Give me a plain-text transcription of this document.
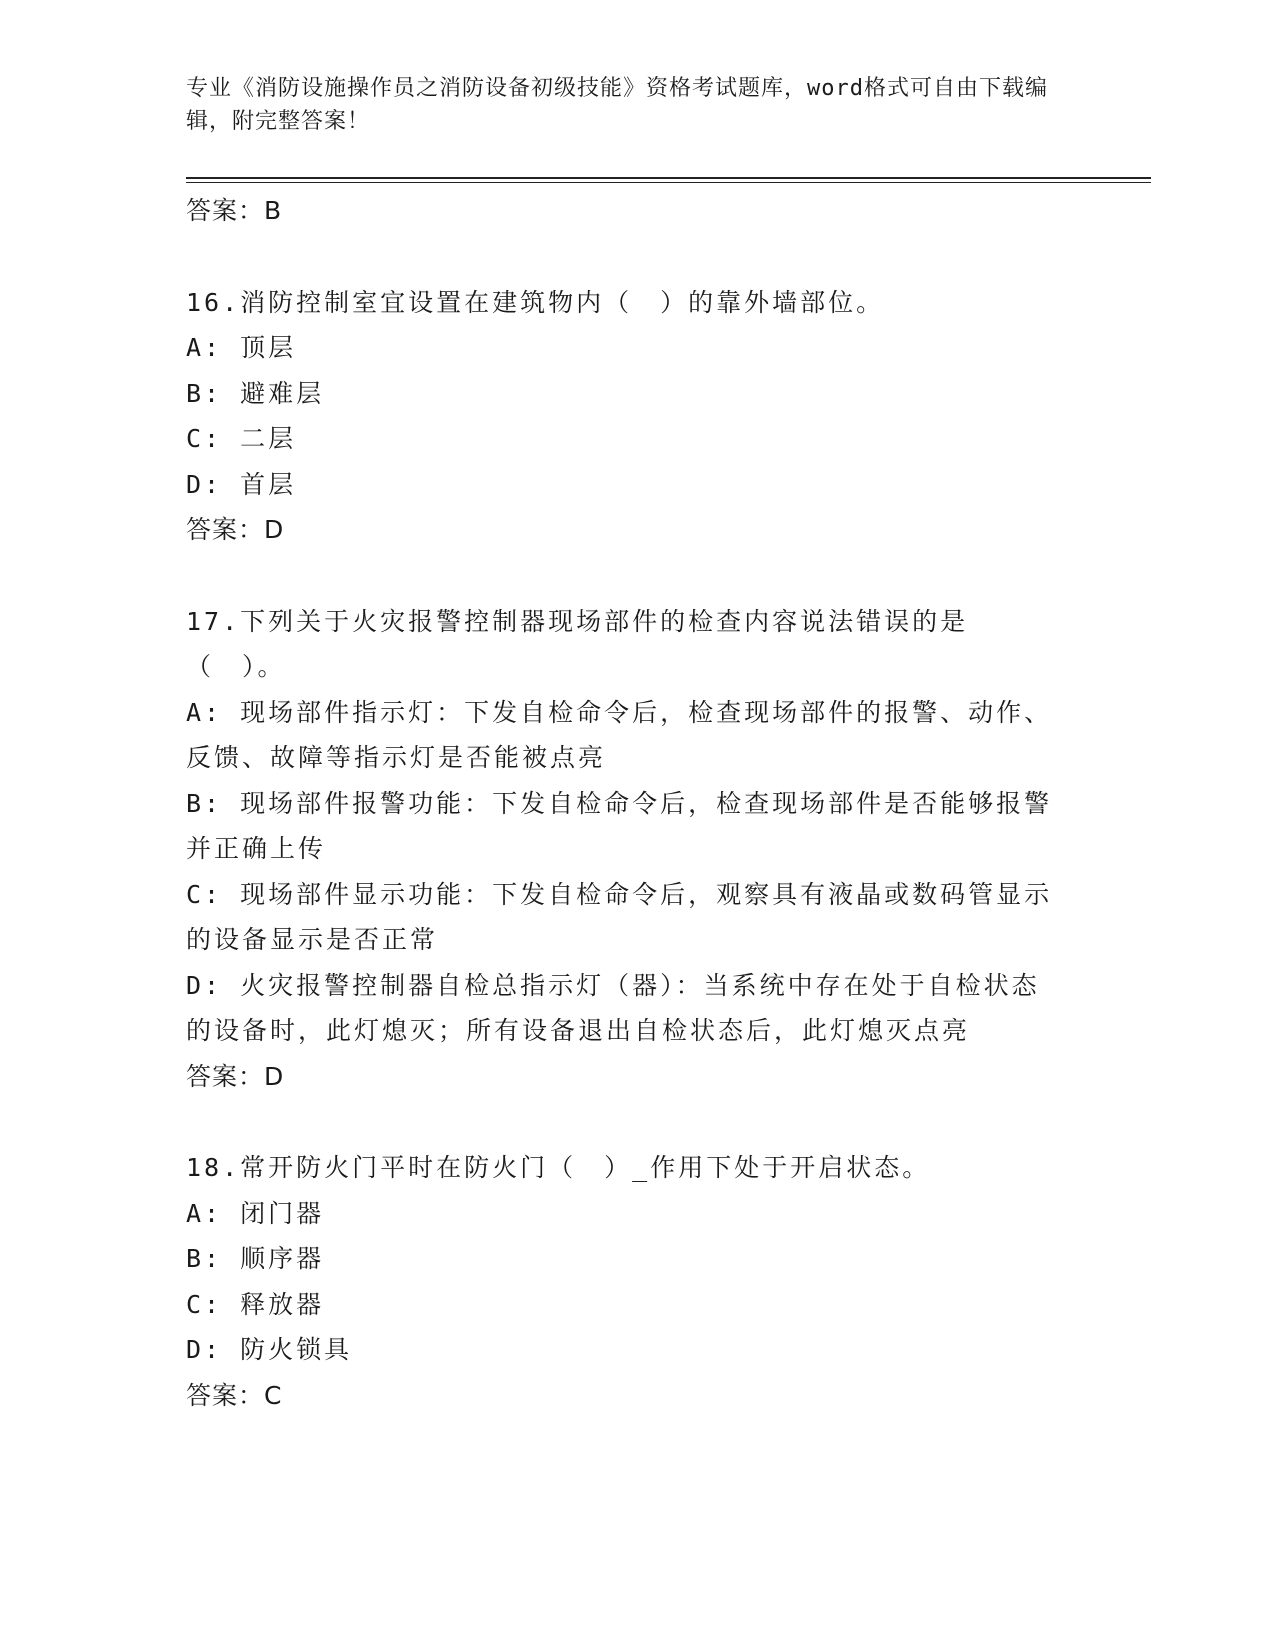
专业《消防设施操作员之消防设备初级技能》资格考试题库，word格式可自由下载编辑，附完整答案！
答案：B
16.消防控制室宜设置在建筑物内（　）的靠外墙部位。
A: 顶层
B: 避难层
C: 二层
D: 首层
答案：D
17.下列关于火灾报警控制器现场部件的检查内容说法错误的是（　）。
A: 现场部件指示灯：下发自检命令后，检查现场部件的报警、动作、反馈、故障等指示灯是否能被点亮
B: 现场部件报警功能：下发自检命令后，检查现场部件是否能够报警并正确上传
C: 现场部件显示功能：下发自检命令后，观察具有液晶或数码管显示的设备显示是否正常
D: 火灾报警控制器自检总指示灯（器）：当系统中存在处于自检状态的设备时，此灯熄灭；所有设备退出自检状态后，此灯熄灭点亮
答案：D
18.常开防火门平时在防火门（　）_作用下处于开启状态。
A: 闭门器
B: 顺序器
C: 释放器
D: 防火锁具
答案：C
